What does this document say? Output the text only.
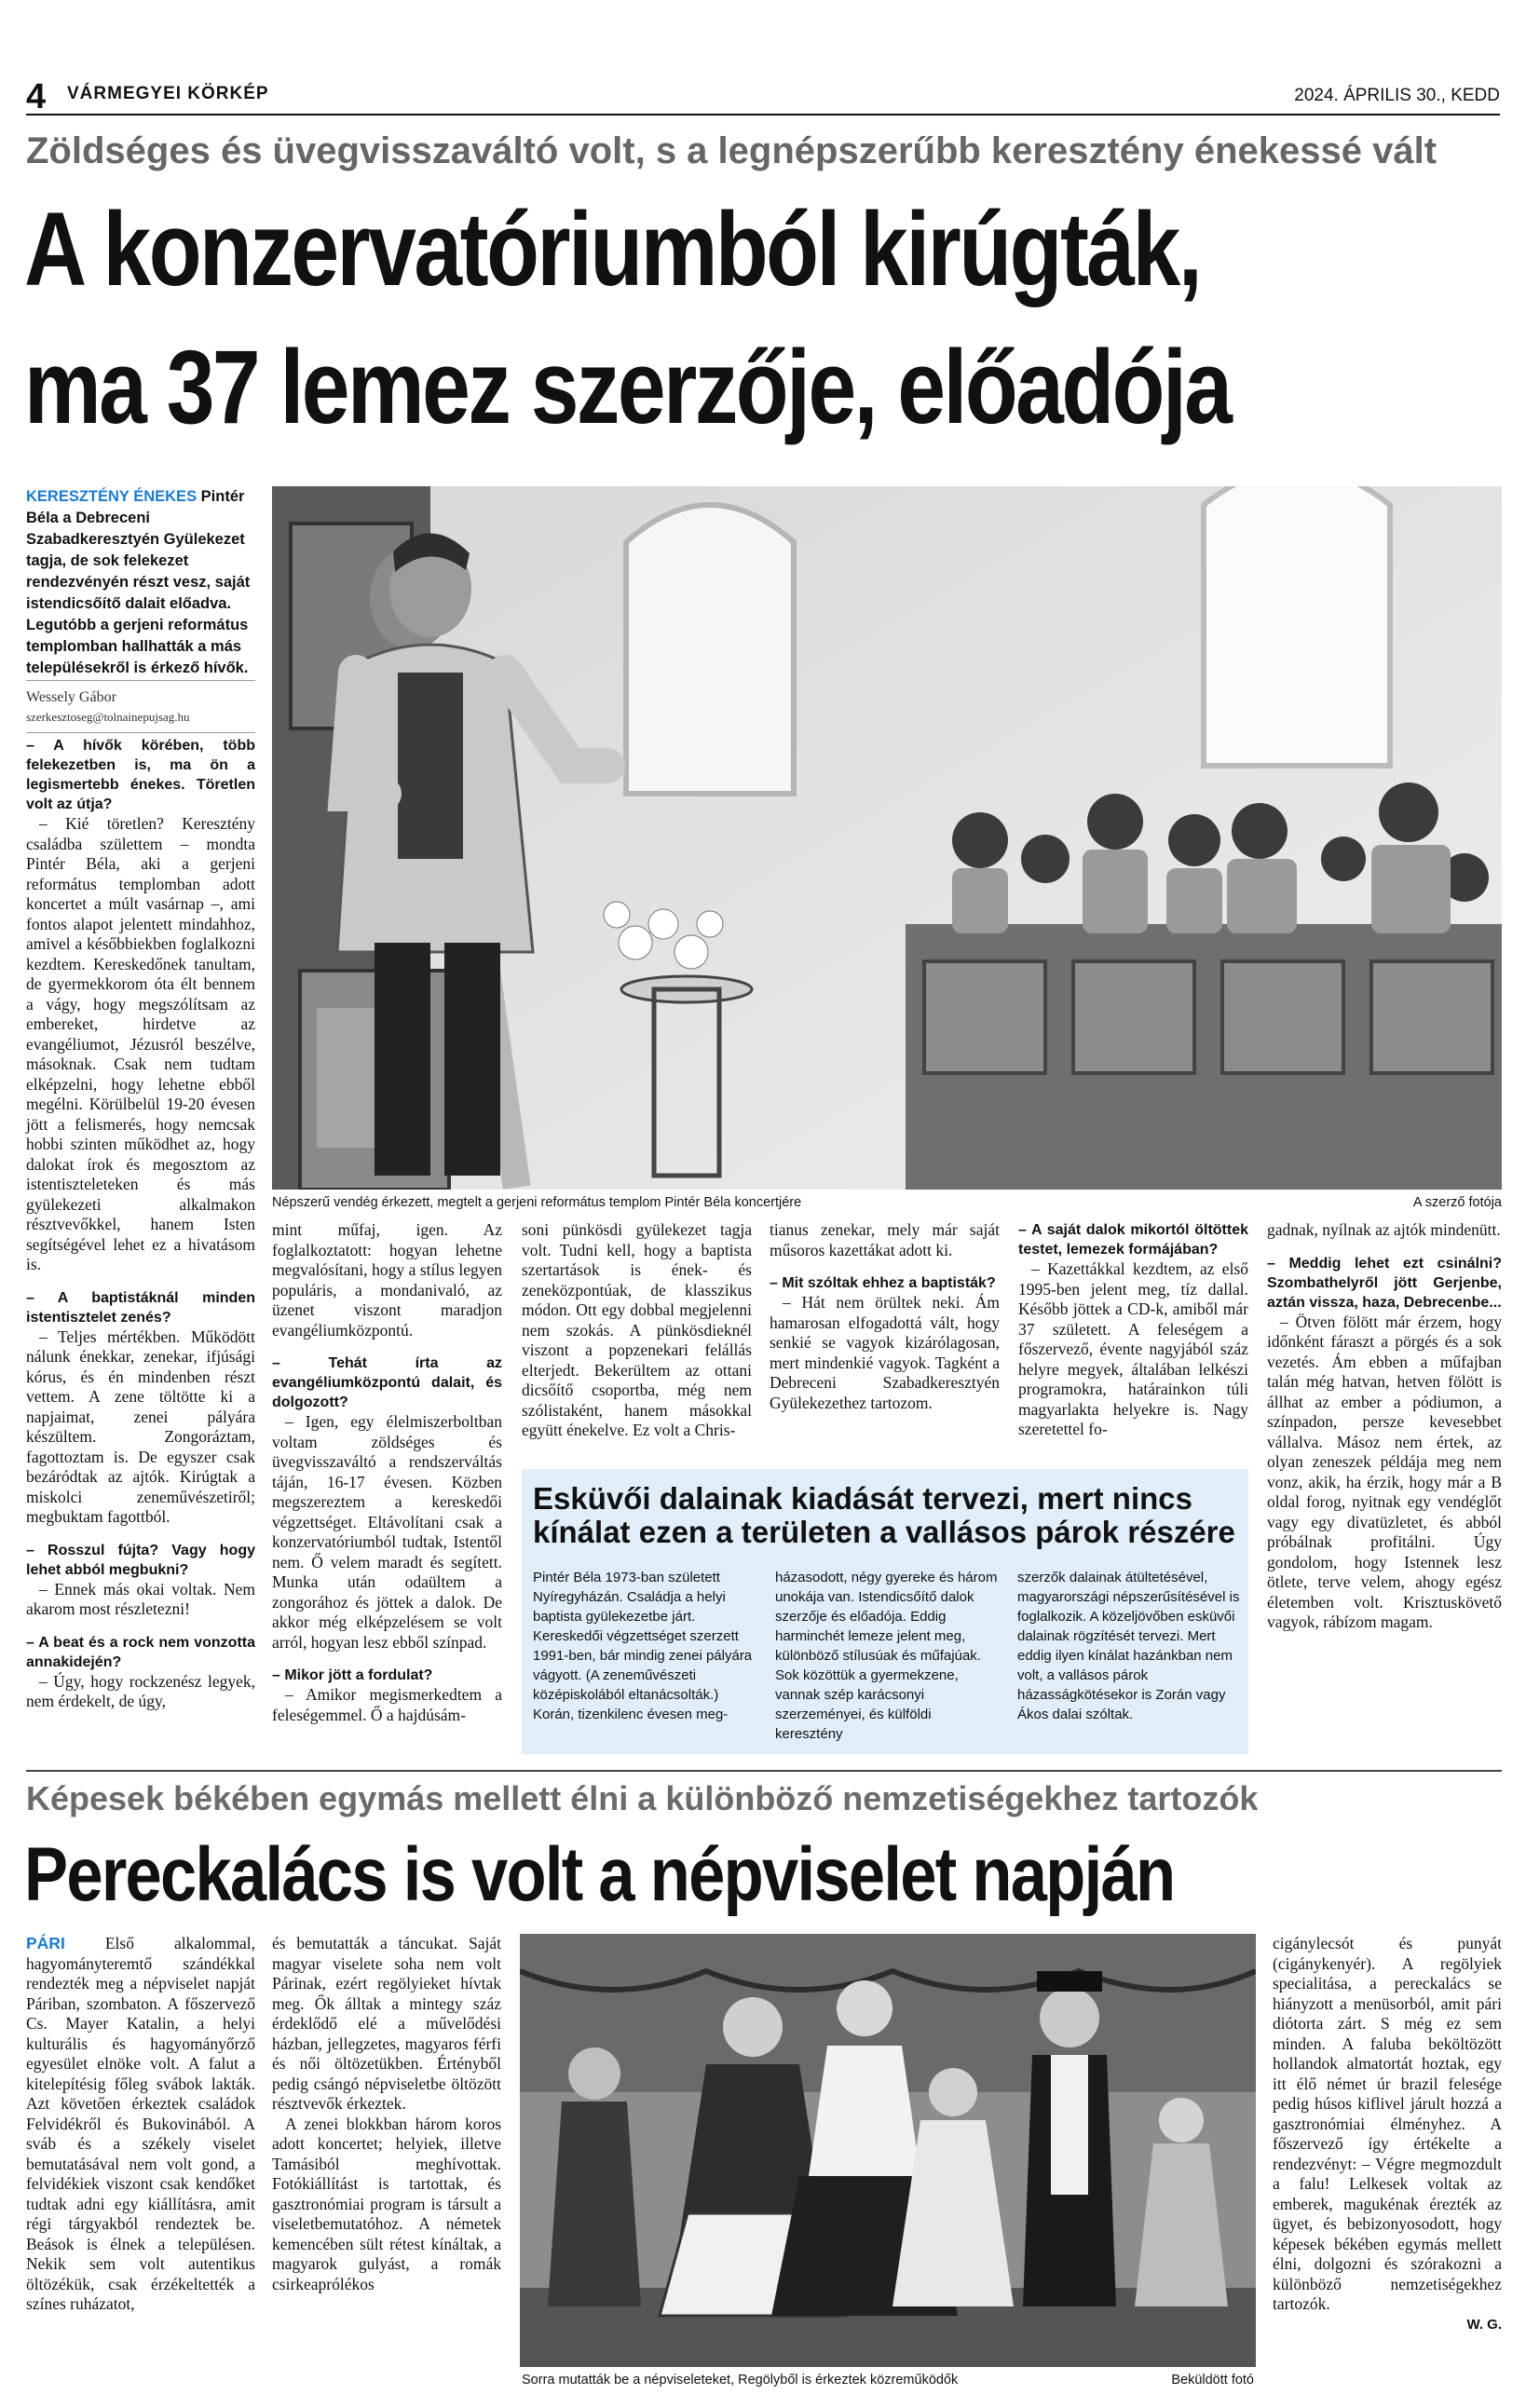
4 VÁRMEGYEI KÖRKÉP	2024. ÁPRILIS 30., KEDD
Zöldséges és üvegvisszaváltó volt, s a legnépszerűbb keresztény énekessé vált
A konzervatóriumból kirúgták,
ma 37 lemez szerzője, előadója
KERESZTÉNY ÉNEKES Pintér Béla a Debreceni Szabadkeresztyén Gyülekezet tagja, de sok felekezet rendezvényén részt vesz, saját istendicsőítő dalait előadva. Legutóbb a gerjeni református templomban hallhatták a más településekről is érkező hívők.
Wessely Gábor
szerkesztoseg@tolnainepujsag.hu

– A hívők körében, több felekezetben is, ma ön a legismertebb énekes. Töretlen volt az útja?

– Kié töretlen? Keresztény családba születtem – mondta Pintér Béla, aki a gerjeni református templomban adott koncertet a múlt vasárnap –, ami fontos alapot jelentett mindahhoz, amivel a későbbiekben foglalkozni kezdtem. Kereskedőnek tanultam, de gyermekkorom óta élt bennem a vágy, hogy megszólítsam az embereket, hirdetve az evangéliumot, Jézusról beszélve, másoknak. Csak nem tudtam elképzelni, hogy lehetne ebből megélni. Körülbelül 19-20 évesen jött a felismerés, hogy nemcsak hobbi szinten működhet az, hogy dalokat írok és megosztom az istentiszteleteken és más gyülekezeti alkalmakon résztvevőkkel, hanem Isten segítségével lehet ez a hivatásom is.

– A baptistáknál minden istentisztelet zenés?

– Teljes mértékben. Működött nálunk énekkar, zenekar, ifjúsági kórus, és én mindenben részt vettem. A zene töltötte ki a napjaimat, zenei pályára készültem. Zongoráztam, fagottoztam is. De egyszer csak bezáródtak az ajtók. Kirúgtak a miskolci zeneművészetiről; megbuktam fagottból.

– Rosszul fújta? Vagy hogy lehet abból megbukni?

– Ennek más okai voltak. Nem akarom most részletezni!

– A beat és a rock nem vonzotta annakidején?

– Úgy, hogy rockzenész legyek, nem érdekelt, de úgy,

Népszerű vendég érkezett, megtelt a gerjeni református templom Pintér Béla koncertjére	A szerző fotója

mint műfaj, igen. Az foglalkoztatott: hogyan lehetne megvalósítani, hogy a stílus legyen populáris, a mondanivaló, az üzenet viszont maradjon evangéliumközpontú.

– Tehát írta az evangéliumközpontú dalait, és dolgozott?

– Igen, egy élelmiszerboltban voltam zöldséges és üvegvisszaváltó a rendszerváltás táján, 16-17 évesen. Közben megszereztem a kereskedői végzettséget. Eltávolítani csak a konzervatóriumból tudtak, Istentől nem. Ő velem maradt és segített. Munka után odaültem a zongorához és jöttek a dalok. De akkor még elképzelésem se volt arról, hogyan lesz ebből színpad.

– Mikor jött a fordulat?

– Amikor megismerkedtem a feleségemmel. Ő a hajdúsám-

soni pünkösdi gyülekezet tagja volt. Tudni kell, hogy a baptista szertartások is ének- és zeneközpontúak, de klasszikus módon. Ott egy dobbal megjelenni nem szokás. A pünkösdieknél viszont a popzenekari felállás elterjedt. Bekerültem az ottani dicsőítő csoportba, még nem szólistaként, hanem másokkal együtt énekelve. Ez volt a Chris-

tianus zenekar, mely már saját műsoros kazettákat adott ki.

– Mit szóltak ehhez a baptisták?

– Hát nem örültek neki. Ám hamarosan elfogadottá vált, hogy senkié se vagyok kizárólagosan, mert mindenkié vagyok. Tagként a Debreceni Szabadkeresztyén Gyülekezethez tartozom.

– A saját dalok mikortól öltöttek testet, lemezek formájában?

– Kazettákkal kezdtem, az első 1995-ben jelent meg, tíz dallal. Később jöttek a CD-k, amiből már 37 született. A feleségem a főszervező, évente nagyjából száz helyre megyek, általában lelkészi programokra, határainkon túli magyarlakta helyekre is. Nagy szeretettel fo-

gadnak, nyílnak az ajtók mindenütt.

– Meddig lehet ezt csinálni? Szombathelyről jött Gerjenbe, aztán vissza, haza, Debrecenbe...

– Ötven fölött már érzem, hogy időnként fáraszt a pörgés és a sok vezetés. Ám ebben a műfajban talán még hatvan, hetven fölött is állhat az ember a pódiumon, a színpadon, persze kevesebbet vállalva. Másoz nem értek, az olyan zeneszek példája meg nem vonz, akik, ha érzik, hogy már a B oldal forog, nyitnak egy vendéglőt vagy egy divatüzletet, és abból próbálnak profitálni. Úgy gondolom, hogy Istennek lesz ötlete, terve velem, ahogy egész életemben volt. Krisztuskövető vagyok, rábízom magam.

Esküvői dalainak kiadását tervezi, mert nincs kínálat ezen a területen a vallásos párok részére
Pintér Béla 1973-ban született Nyíregyházán. Családja a helyi baptista gyülekezetbe járt. Kereskedői végzettséget szerzett 1991-ben, bár mindig zenei pályára vágyott. (A zeneművészeti középiskolából eltanácsolták.) Korán, tizenkilenc évesen meg-
házasodott, négy gyereke és három unokája van. Istendicsőítő dalok szerzője és előadója. Eddig harminchét lemeze jelent meg, különböző stílusúak és műfajúak. Sok közöttük a gyermekzene, vannak szép karácsonyi szerzeményei, és külföldi keresztény
szerzők dalainak átültetésével, magyarországi népszerűsítésével is foglalkozik. A közeljövőben esküvői dalainak rögzítését tervezi. Mert eddig ilyen kínálat hazánkban nem volt, a vallásos párok házasságkötésekor is Zorán vagy Ákos dalai szóltak.
Képesek békében egymás mellett élni a különböző nemzetiségekhez tartozók
Pereckalács is volt a népviselet napján

PÁRI Első alkalommal, hagyományteremtő szándékkal rendezték meg a népviselet napját Páriban, szombaton. A főszervező Cs. Mayer Katalin, a helyi kulturális és hagyományőrző egyesület elnöke volt. A falut a kitelepítésig főleg svábok lakták. Azt követően érkeztek családok Felvidékről és Bukovinából. A sváb és a székely viselet bemutatásával nem volt gond, a felvidékiek viszont csak kendőket tudtak adni egy kiállításra, amit régi tárgyakból rendeztek be. Beások is élnek a településen. Nekik sem volt autentikus öltözékük, csak érzékeltették a színes ruházatot,

és bemutatták a táncukat. Saját magyar viselete soha nem volt Párinak, ezért regölyieket hívtak meg. Ők álltak a mintegy száz érdeklődő elé a művelődési házban, jellegzetes, magyaros férfi és női öltözetükben. Értényből pedig csángó népviseletbe öltözött résztvevők érkeztek.

A zenei blokkban három koros adott koncertet; helyiek, illetve Tamásiból meghívottak. Fotókiállítást is tartottak, és gasztronómiai program is társult a viseletbemutatóhoz. A németek kemencében sült rétest kínáltak, a magyarok gulyást, a romák csirkeaprólékos

Sorra mutatták be a népviseleteket, Regölyből is érkeztek közreműködők	Beküldött fotó

cigánylecsót és punyát (cigánykenyér). A regölyiek specialitása, a pereckalács se hiányzott a menüsorból, amit pári diótorta zárt. S még ez sem minden. A faluba beköltözött hollandok almatortát hoztak, egy itt élő német úr brazil felesége pedig húsos kiflivel járult hozzá a gasztronómiai élményhez. A főszervező így értékelte a rendezvényt: – Végre megmozdult a falu! Lelkesek voltak az emberek, magukénak érezték az ügyet, és bebizonyosodott, hogy képesek békében egymás mellett élni, dolgozni és szórakozni a különböző nemzetiségekhez tartozók.

W. G.
